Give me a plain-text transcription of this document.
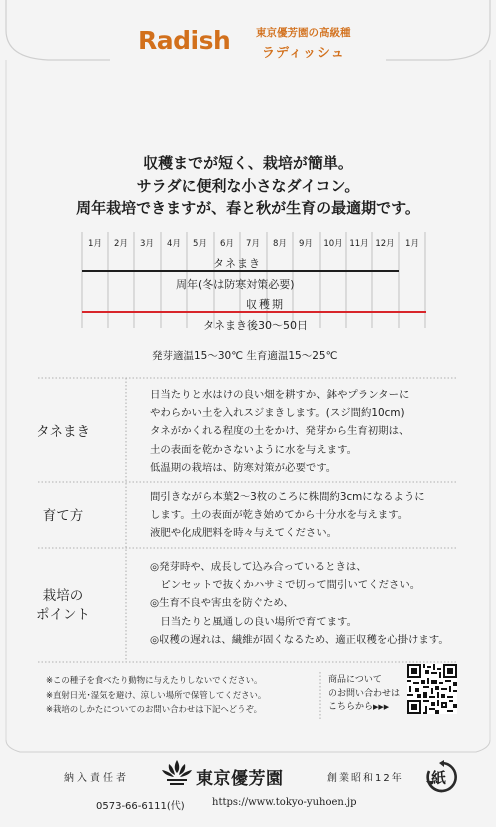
Radish 東京優芳園の高級種

ラディッシュ

収穫までが短く、栽培が簡単。

サラダに便利な小さなダイコン。

周年栽培できますが、春と秋が生育の最適期です。

1月	2月	3月	4月	5月	6月	7月	8月	9月	10月 11月 12月	1月
タネまき
周年(冬は防寒対策必要)
収穫期
タネまき後30〜50日
発芽適温15〜30℃ 生育適温15〜25℃

タネまき

日当たりと水はけの良い畑を耕すか、鉢やプランターに
やわらかい土を入れスジまきします。(スジ間約10cm)
タネがかくれる程度の土をかけ、発芽から生育初期は、
土の表面を乾かさないように水を与えます。
低温期の栽培は、防寒対策が必要です。

育て方

間引きながら本葉2〜3枚のころに株間約3cmになるように
します。土の表面が乾き始めてから十分水を与えます。
液肥や化成肥料を時々与えてください。

栽培の
ポイント

◎発芽時や、成長して込み合っているときは、
　ピンセットで抜くかハサミで切って間引いてください。
◎生育不良や害虫を防ぐため、
　日当たりと風通しの良い場所で育てます。
◎収穫の遅れは、繊維が固くなるため、適正収穫を心掛けます。
※この種子を食べたり動物に与えたりしないでください。
※直射日光･湿気を避け、涼しい場所で保管してください。
※栽培のしかたについてのお問い合わせは下記へどうぞ。
商品について
のお問い合わせは
こちらから▶▶▶
納入責任者	東京優芳園	創業昭和12年 紙
0573-66-6111(代)	https://www.tokyo-yuhoen.jp
